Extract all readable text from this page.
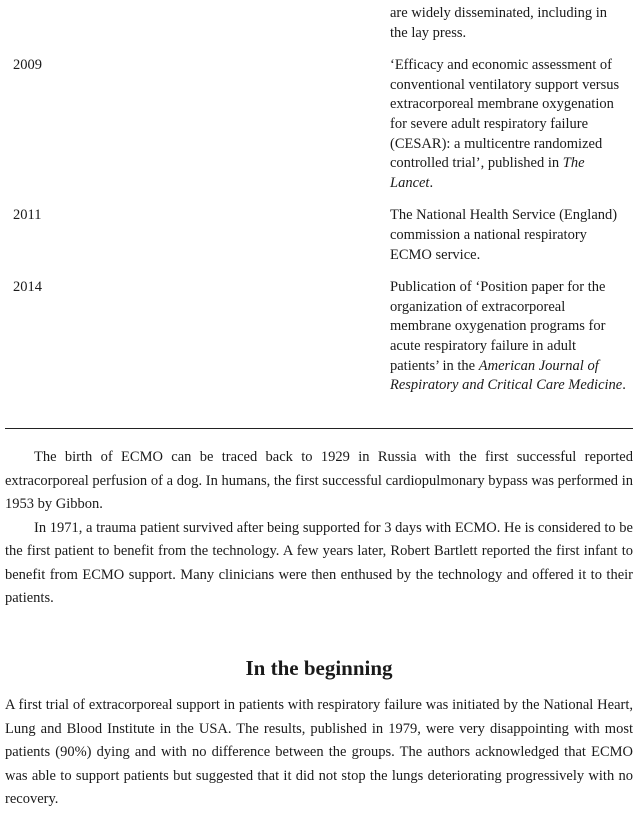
are widely disseminated, including in the lay press.
2009	‘Efficacy and economic assessment of conventional ventilatory support versus extracorporeal membrane oxygenation for severe adult respiratory failure (CESAR): a multicentre randomized controlled trial’, published in The Lancet.
2011	The National Health Service (England) commission a national respiratory ECMO service.
2014	Publication of ‘Position paper for the organization of extracorporeal membrane oxygenation programs for acute respiratory failure in adult patients’ in the American Journal of Respiratory and Critical Care Medicine.

The birth of ECMO can be traced back to 1929 in Russia with the first successful reported extracorporeal perfusion of a dog. In humans, the first successful cardiopulmonary bypass was performed in 1953 by Gibbon.

In 1971, a trauma patient survived after being supported for 3 days with ECMO. He is considered to be the first patient to benefit from the technology. A few years later, Robert Bartlett reported the first infant to benefit from ECMO support. Many clinicians were then enthused by the technology and offered it to their patients.

In the beginning

A first trial of extracorporeal support in patients with respiratory failure was initiated by the National Heart, Lung and Blood Institute in the USA. The results, published in 1979, were very disappointing with most patients (90%) dying and with no difference between the groups. The authors acknowledged that ECMO was able to support patients but suggested that it did not stop the lungs deteriorating progressively with no recovery.
